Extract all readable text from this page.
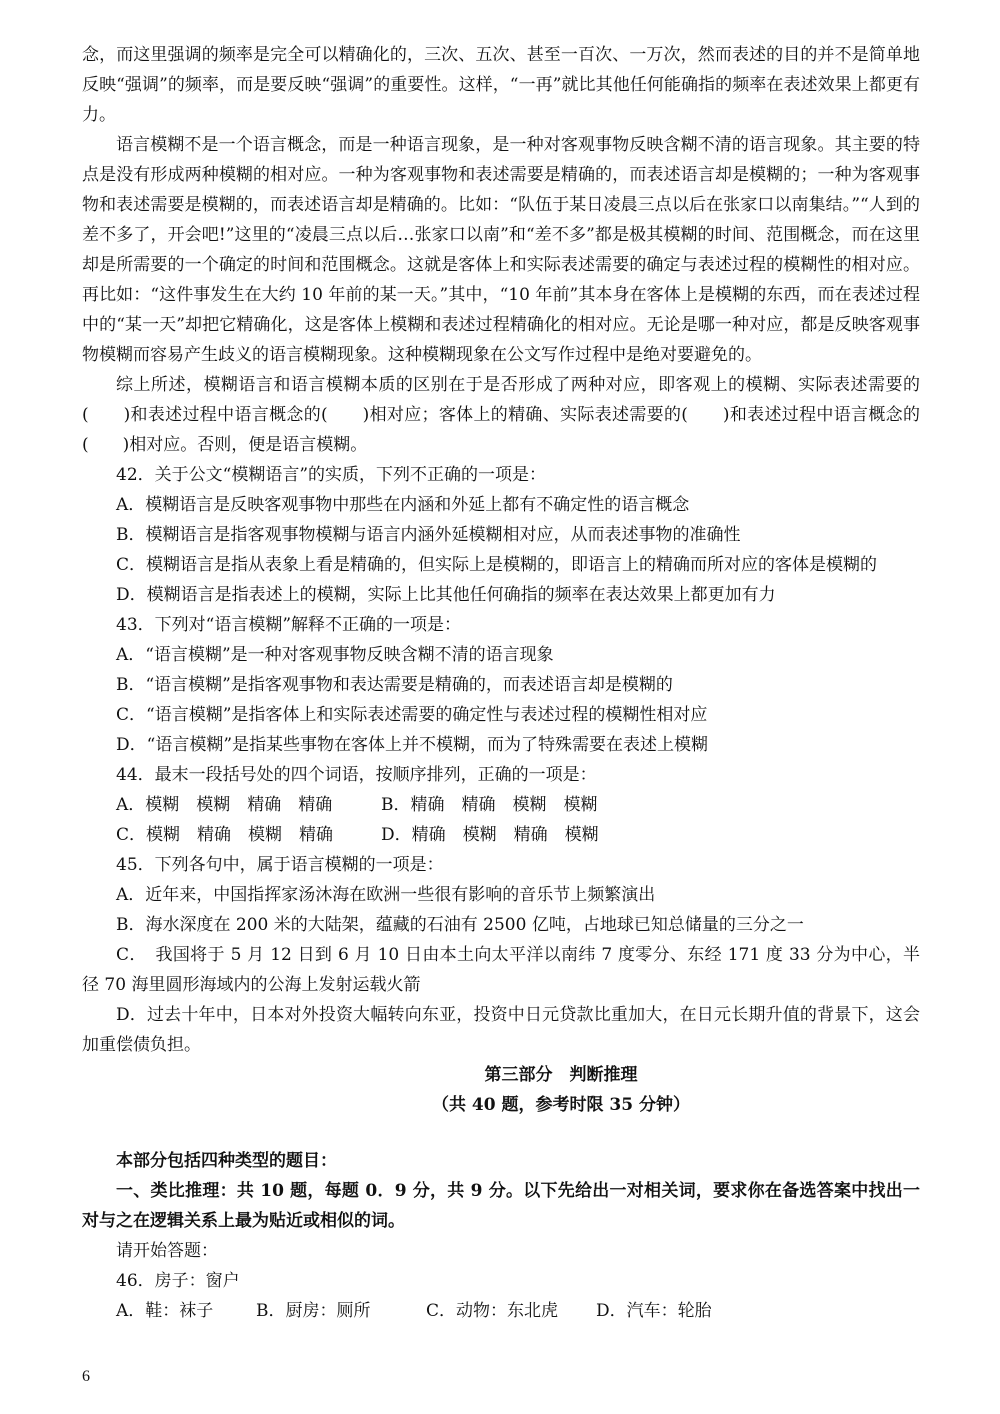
念，而这里强调的频率是完全可以精确化的，三次、五次、甚至一百次、一万次，然而表述的目的并不是简单地反映“强调”的频率，而是要反映“强调”的重要性。这样，“一再”就比其他任何能确指的频率在表述效果上都更有力。

语言模糊不是一个语言概念，而是一种语言现象，是一种对客观事物反映含糊不清的语言现象。其主要的特点是没有形成两种模糊的相对应。一种为客观事物和表述需要是精确的，而表述语言却是模糊的；一种为客观事物和表述需要是模糊的，而表述语言却是精确的。比如：“队伍于某日凌晨三点以后在张家口以南集结。”“人到的差不多了，开会吧!”这里的“凌晨三点以后…张家口以南”和“差不多”都是极其模糊的时间、范围概念，而在这里却是所需要的一个确定的时间和范围概念。这就是客体上和实际表述需要的确定与表述过程的模糊性的相对应。再比如：“这件事发生在大约 10 年前的某一天。”其中，“10 年前”其本身在客体上是模糊的东西，而在表述过程中的“某一天”却把它精确化，这是客体上模糊和表述过程精确化的相对应。无论是哪一种对应，都是反映客观事物模糊而容易产生歧义的语言模糊现象。这种模糊现象在公文写作过程中是绝对要避免的。

综上所述，模糊语言和语言模糊本质的区别在于是否形成了两种对应，即客观上的模糊、实际表述需要的(　　)和表述过程中语言概念的(　　)相对应；客体上的精确、实际表述需要的(　　)和表述过程中语言概念的(　　)相对应。否则，便是语言模糊。

42．关于公文“模糊语言”的实质，下列不正确的一项是：

A．模糊语言是反映客观事物中那些在内涵和外延上都有不确定性的语言概念

B．模糊语言是指客观事物模糊与语言内涵外延模糊相对应，从而表述事物的准确性

C．模糊语言是指从表象上看是精确的，但实际上是模糊的，即语言上的精确而所对应的客体是模糊的

D．模糊语言是指表述上的模糊，实际上比其他任何确指的频率在表达效果上都更加有力

43．下列对“语言模糊”解释不正确的一项是：

A．“语言模糊”是一种对客观事物反映含糊不清的语言现象

B．“语言模糊”是指客观事物和表达需要是精确的，而表述语言却是模糊的

C．“语言模糊”是指客体上和实际表述需要的确定性与表述过程的模糊性相对应

D．“语言模糊”是指某些事物在客体上并不模糊，而为了特殊需要在表述上模糊

44．最末一段括号处的四个词语，按顺序排列，正确的一项是：

A．模糊　模糊　精确　精确	B．精确　精确　模糊　模糊

C．模糊　精确　模糊　精确	D．精确　模糊　精确　模糊

45．下列各句中，属于语言模糊的一项是：

A．近年来，中国指挥家汤沐海在欧洲一些很有影响的音乐节上频繁演出

B．海水深度在 200 米的大陆架，蕴藏的石油有 2500 亿吨，占地球已知总储量的三分之一

C．　我国将于 5 月 12 日到 6 月 10 日由本土向太平洋以南纬 7 度零分、东经 171 度 33 分为中心，半径 70 海里圆形海域内的公海上发射运载火箭

D．过去十年中，日本对外投资大幅转向东亚，投资中日元贷款比重加大，在日元长期升值的背景下，这会加重偿债负担。

第三部分　判断推理

（共 40 题，参考时限 35 分钟）

本部分包括四种类型的题目：

一、类比推理：共 10 题，每题 0．9 分，共 9 分。以下先给出一对相关词，要求你在备选答案中找出一对与之在逻辑关系上最为贴近或相似的词。

请开始答题：

46．房子：窗户

A．鞋：袜子	B．厨房：厕所	C．动物：东北虎 D．汽车：轮胎

6
